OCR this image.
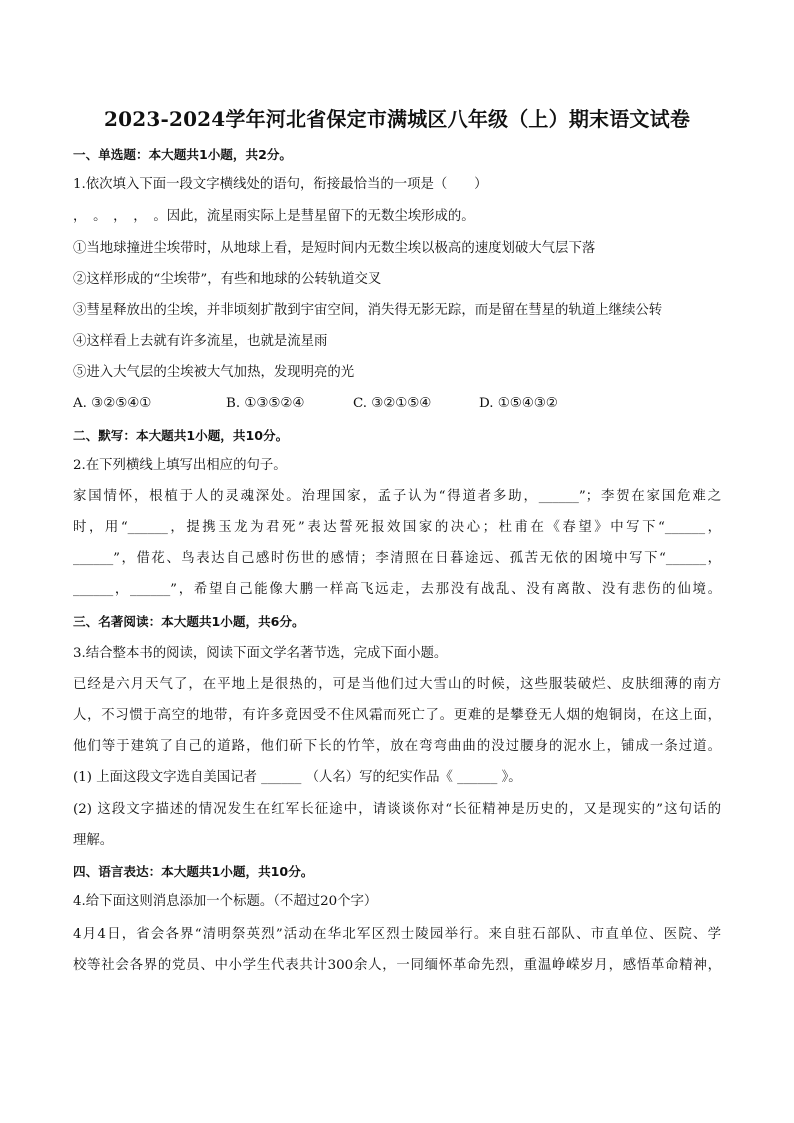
2023-2024学年河北省保定市满城区八年级（上）期末语文试卷
一、单选题：本大题共1小题，共2分。
1.依次填入下面一段文字横线处的语句，衔接最恰当的一项是（　　）
，　。　，　，　。因此，流星雨实际上是彗星留下的无数尘埃形成的。
①当地球撞进尘埃带时，从地球上看，是短时间内无数尘埃以极高的速度划破大气层下落
②这样形成的“尘埃带”，有些和地球的公转轨道交叉
③彗星释放出的尘埃，并非顷刻扩散到宇宙空间，消失得无影无踪，而是留在彗星的轨道上继续公转
④这样看上去就有许多流星，也就是流星雨
⑤进入大气层的尘埃被大气加热，发现明亮的光
A. ③②⑤④①	B. ①③⑤②④	C. ③②①⑤④	D. ①⑤④③②
二、默写：本大题共1小题，共10分。
2.在下列横线上填写出相应的句子。
家国情怀，根植于人的灵魂深处。治理国家，孟子认为“得道者多助，______”；李贺在家国危难之
时，用“______，提携玉龙为君死”表达誓死报效国家的决心；杜甫在《春望》中写下“______，
______”，借花、鸟表达自己感时伤世的感情；李清照在日暮途远、孤苦无依的困境中写下“______，
______，______”，希望自己能像大鹏一样高飞远走，去那没有战乱、没有离散、没有悲伤的仙境。
三、名著阅读：本大题共1小题，共6分。
3.结合整本书的阅读，阅读下面文学名著节选，完成下面小题。
已经是六月天气了，在平地上是很热的，可是当他们过大雪山的时候，这些服装破烂、皮肤细薄的南方
人，不习惯于高空的地带，有许多竟因受不住风霜而死亡了。更难的是攀登无人烟的炮铜岗，在这上面，
他们等于建筑了自己的道路，他们斫下长的竹竿，放在弯弯曲曲的没过腰身的泥水上，铺成一条过道。
(1) 上面这段文字选自美国记者 ______ （人名）写的纪实作品《 ______ 》。
(2) 这段文字描述的情况发生在红军长征途中，请谈谈你对“长征精神是历史的，又是现实的”这句话的
理解。
四、语言表达：本大题共1小题，共10分。
4.给下面这则消息添加一个标题。（不超过20个字）
4月4日，省会各界“清明祭英烈”活动在华北军区烈士陵园举行。来自驻石部队、市直单位、医院、学
校等社会各界的党员、中小学生代表共计300余人，一同缅怀革命先烈，重温峥嵘岁月，感悟革命精神，
